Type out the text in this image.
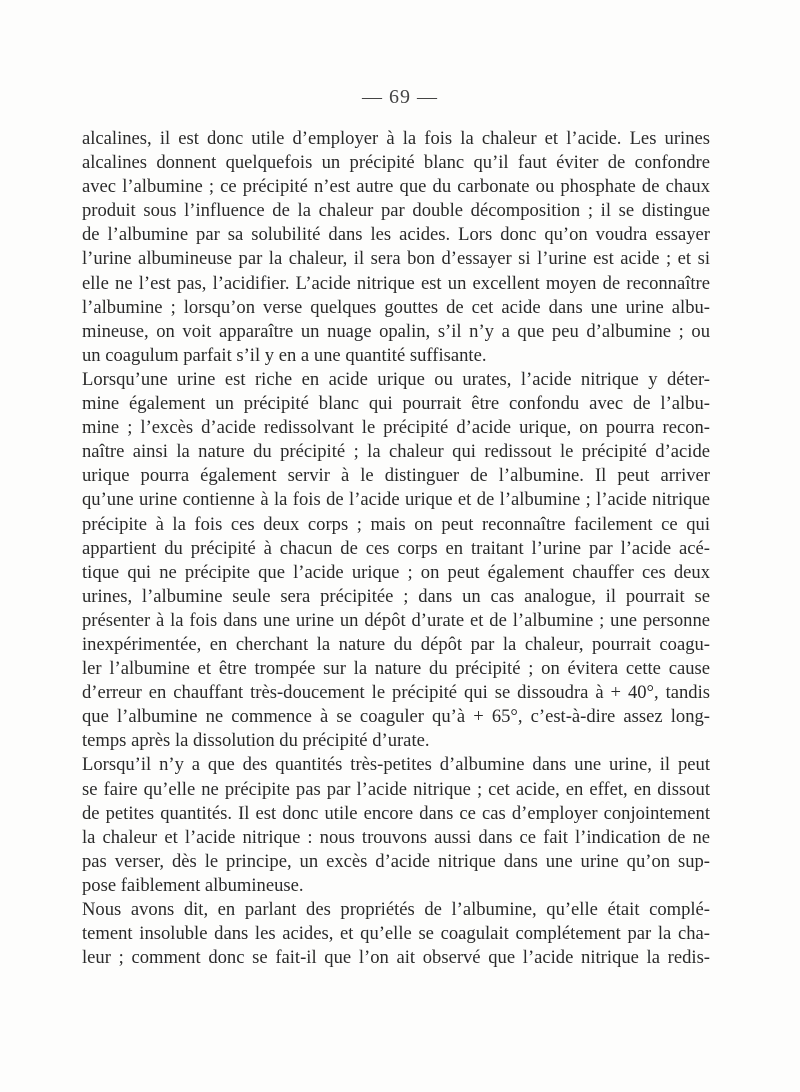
— 69 —
alcalines, il est donc utile d’employer à la fois la chaleur et l’acide. Les urines
alcalines donnent quelquefois un précipité blanc qu’il faut éviter de confondre
avec l’albumine ; ce précipité n’est autre que du carbonate ou phosphate de chaux
produit sous l’influence de la chaleur par double décomposition ; il se distingue
de l’albumine par sa solubilité dans les acides. Lors donc qu’on voudra essayer
l’urine albumineuse par la chaleur, il sera bon d’essayer si l’urine est acide ; et si
elle ne l’est pas, l’acidifier. L’acide nitrique est un excellent moyen de reconnaître
l’albumine ; lorsqu’on verse quelques gouttes de cet acide dans une urine albu-
mineuse, on voit apparaître un nuage opalin, s’il n’y a que peu d’albumine ; ou
un coagulum parfait s’il y en a une quantité suffisante.
Lorsqu’une urine est riche en acide urique ou urates, l’acide nitrique y déter-
mine également un précipité blanc qui pourrait être confondu avec de l’albu-
mine ; l’excès d’acide redissolvant le précipité d’acide urique, on pourra recon-
naître ainsi la nature du précipité ; la chaleur qui redissout le précipité d’acide
urique pourra également servir à le distinguer de l’albumine. Il peut arriver
qu’une urine contienne à la fois de l’acide urique et de l’albumine ; l’acide nitrique
précipite à la fois ces deux corps ; mais on peut reconnaître facilement ce qui
appartient du précipité à chacun de ces corps en traitant l’urine par l’acide acé-
tique qui ne précipite que l’acide urique ; on peut également chauffer ces deux
urines, l’albumine seule sera précipitée ; dans un cas analogue, il pourrait se
présenter à la fois dans une urine un dépôt d’urate et de l’albumine ; une personne
inexpérimentée, en cherchant la nature du dépôt par la chaleur, pourrait coagu-
ler l’albumine et être trompée sur la nature du précipité ; on évitera cette cause
d’erreur en chauffant très-doucement le précipité qui se dissoudra à + 40°, tandis
que l’albumine ne commence à se coaguler qu’à + 65°, c’est-à-dire assez long-
temps après la dissolution du précipité d’urate.
Lorsqu’il n’y a que des quantités très-petites d’albumine dans une urine, il peut
se faire qu’elle ne précipite pas par l’acide nitrique ; cet acide, en effet, en dissout
de petites quantités. Il est donc utile encore dans ce cas d’employer conjointement
la chaleur et l’acide nitrique : nous trouvons aussi dans ce fait l’indication de ne
pas verser, dès le principe, un excès d’acide nitrique dans une urine qu’on sup-
pose faiblement albumineuse.
Nous avons dit, en parlant des propriétés de l’albumine, qu’elle était complé-
tement insoluble dans les acides, et qu’elle se coagulait complétement par la cha-
leur ; comment donc se fait-il que l’on ait observé que l’acide nitrique la redis-
